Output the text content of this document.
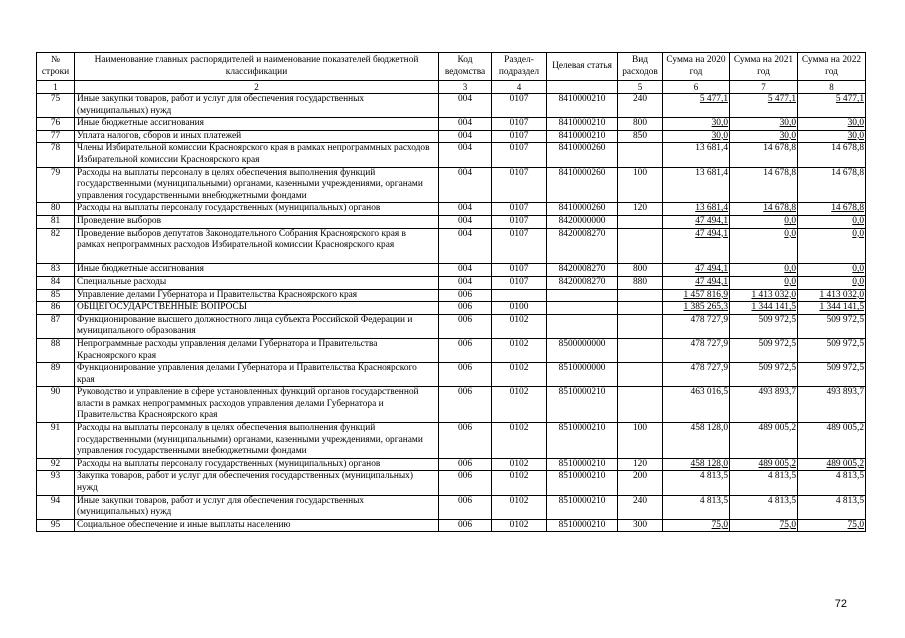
№ строки	Наименование главных распорядителей и наименование показателей бюджетной классификации	Код ведомства	Раздел-подраздел	Целевая статья	Вид расходов	Сумма на 2020 год	Сумма на 2021 год	Сумма на 2022 год
1	2	3	4		5	6	7	8
75	Иные закупки товаров, работ и услуг для обеспечения государственных (муниципальных) нужд	004	0107	8410000210	240	5 477,1	5 477,1	5 477,1
76	Иные бюджетные ассигнования	004	0107	8410000210	800	30,0	30,0	30,0
77	Уплата налогов, сборов и иных платежей	004	0107	8410000210	850	30,0	30,0	30,0
78	Члены Избирательной комиссии Красноярского края в рамках непрограммных расходов Избирательной комиссии Красноярского края	004	0107	8410000260		13 681,4	14 678,8	14 678,8
79	Расходы на выплаты персоналу в целях обеспечения выполнения функций государственными (муниципальными) органами, казенными учреждениями, органами управления государственными внебюджетными фондами	004	0107	8410000260	100	13 681,4	14 678,8	14 678,8
80	Расходы на выплаты персоналу государственных (муниципальных) органов	004	0107	8410000260	120	13 681,4	14 678,8	14 678,8
81	Проведение выборов	004	0107	8420000000		47 494,1	0,0	0,0
82	Проведение выборов депутатов Законодательного Собрания Красноярского края в рамках непрограммных расходов Избирательной комиссии Красноярского края	004	0107	8420008270		47 494,1	0,0	0,0
83	Иные бюджетные ассигнования	004	0107	8420008270	800	47 494,1	0,0	0,0
84	Специальные расходы	004	0107	8420008270	880	47 494,1	0,0	0,0
85	Управление делами Губернатора и Правительства Красноярского края	006				1 457 816,9	1 413 032,0	1 413 032,0
86	ОБЩЕГОСУДАРСТВЕННЫЕ ВОПРОСЫ	006	0100			1 385 265,3	1 344 141,5	1 344 141,5
87	Функционирование высшего должностного лица субъекта Российской Федерации и муниципального образования	006	0102			478 727,9	509 972,5	509 972,5
88	Непрограммные расходы управления делами Губернатора и Правительства Красноярского края	006	0102	8500000000		478 727,9	509 972,5	509 972,5
89	Функционирование управления делами Губернатора и Правительства Красноярского края	006	0102	8510000000		478 727,9	509 972,5	509 972,5
90	Руководство и управление в сфере установленных функций органов государственной власти в рамках непрограммных расходов управления делами Губернатора и Правительства Красноярского края	006	0102	8510000210		463 016,5	493 893,7	493 893,7
91	Расходы на выплаты персоналу в целях обеспечения выполнения функций государственными (муниципальными) органами, казенными учреждениями, органами управления государственными внебюджетными фондами	006	0102	8510000210	100	458 128,0	489 005,2	489 005,2
92	Расходы на выплаты персоналу государственных (муниципальных) органов	006	0102	8510000210	120	458 128,0	489 005,2	489 005,2
93	Закупка товаров, работ и услуг для обеспечения государственных (муниципальных) нужд	006	0102	8510000210	200	4 813,5	4 813,5	4 813,5
94	Иные закупки товаров, работ и услуг для обеспечения государственных (муниципальных) нужд	006	0102	8510000210	240	4 813,5	4 813,5	4 813,5
95	Социальное обеспечение и иные выплаты населению	006	0102	8510000210	300	75,0	75,0	75,0
72
